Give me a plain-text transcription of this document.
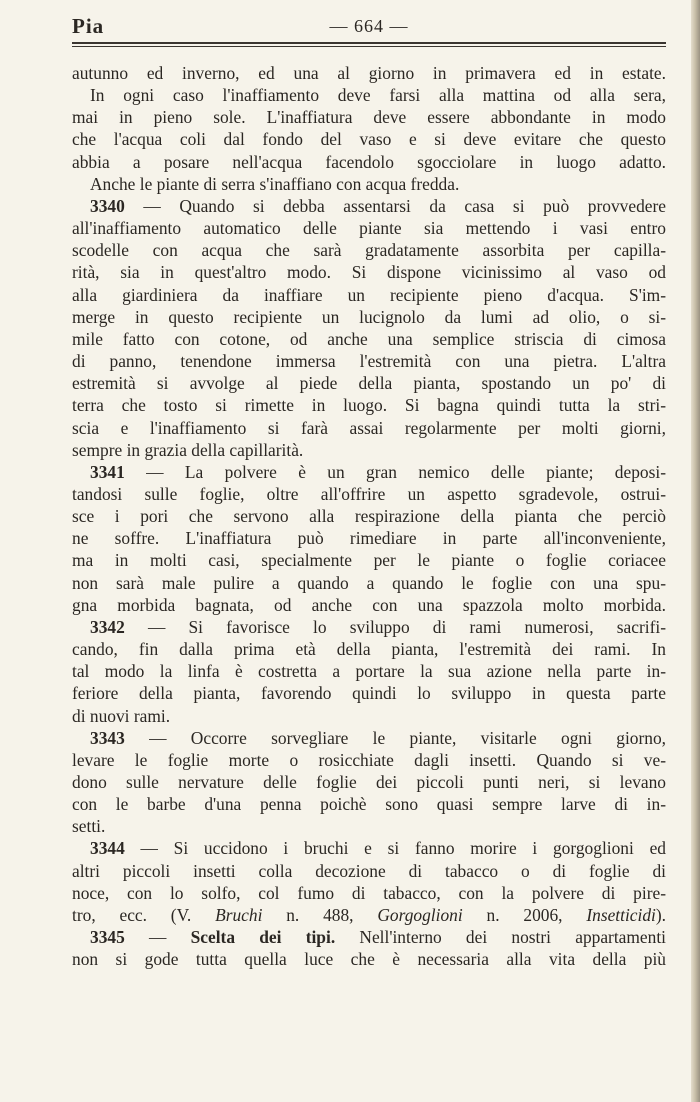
Pia	— 664 —

autunno ed inverno, ed una al giorno in primavera ed in estate.

In ogni caso l'inaffiamento deve farsi alla mattina od alla sera,

mai in pieno sole. L'inaffiatura deve essere abbondante in modo

che l'acqua coli dal fondo del vaso e si deve evitare che questo

abbia a posare nell'acqua facendolo sgocciolare in luogo adatto.

Anche le piante di serra s'inaffiano con acqua fredda.

3340 — Quando si debba assentarsi da casa si può provvedere

all'inaffiamento automatico delle piante sia mettendo i vasi entro

scodelle con acqua che sarà gradatamente assorbita per capilla-

rità, sia in quest'altro modo. Si dispone vicinissimo al vaso od

alla giardiniera da inaffiare un recipiente pieno d'acqua. S'im-

merge in questo recipiente un lucignolo da lumi ad olio, o si-

mile fatto con cotone, od anche una semplice striscia di cimosa

di panno, tenendone immersa l'estremità con una pietra. L'altra

estremità si avvolge al piede della pianta, spostando un po' di

terra che tosto si rimette in luogo. Si bagna quindi tutta la stri-

scia e l'inaffiamento si farà assai regolarmente per molti giorni,

sempre in grazia della capillarità.

3341 — La polvere è un gran nemico delle piante; deposi-

tandosi sulle foglie, oltre all'offrire un aspetto sgradevole, ostrui-

sce i pori che servono alla respirazione della pianta che perciò

ne soffre. L'inaffiatura può rimediare in parte all'inconveniente,

ma in molti casi, specialmente per le piante o foglie coriacee

non sarà male pulire a quando a quando le foglie con una spu-

gna morbida bagnata, od anche con una spazzola molto morbida.

3342 — Si favorisce lo sviluppo di rami numerosi, sacrifi-

cando, fin dalla prima età della pianta, l'estremità dei rami. In

tal modo la linfa è costretta a portare la sua azione nella parte in-

feriore della pianta, favorendo quindi lo sviluppo in questa parte

di nuovi rami.

3343 — Occorre sorvegliare le piante, visitarle ogni giorno,

levare le foglie morte o rosicchiate dagli insetti. Quando si ve-

dono sulle nervature delle foglie dei piccoli punti neri, si levano

con le barbe d'una penna poichè sono quasi sempre larve di in-

setti.

3344 — Si uccidono i bruchi e si fanno morire i gorgoglioni ed

altri piccoli insetti colla decozione di tabacco o di foglie di

noce, con lo solfo, col fumo di tabacco, con la polvere di pire-

tro, ecc. (V. Bruchi n. 488, Gorgoglioni n. 2006, Insetticidi).

3345 — Scelta dei tipi. Nell'interno dei nostri appartamenti

non si gode tutta quella luce che è necessaria alla vita della più
